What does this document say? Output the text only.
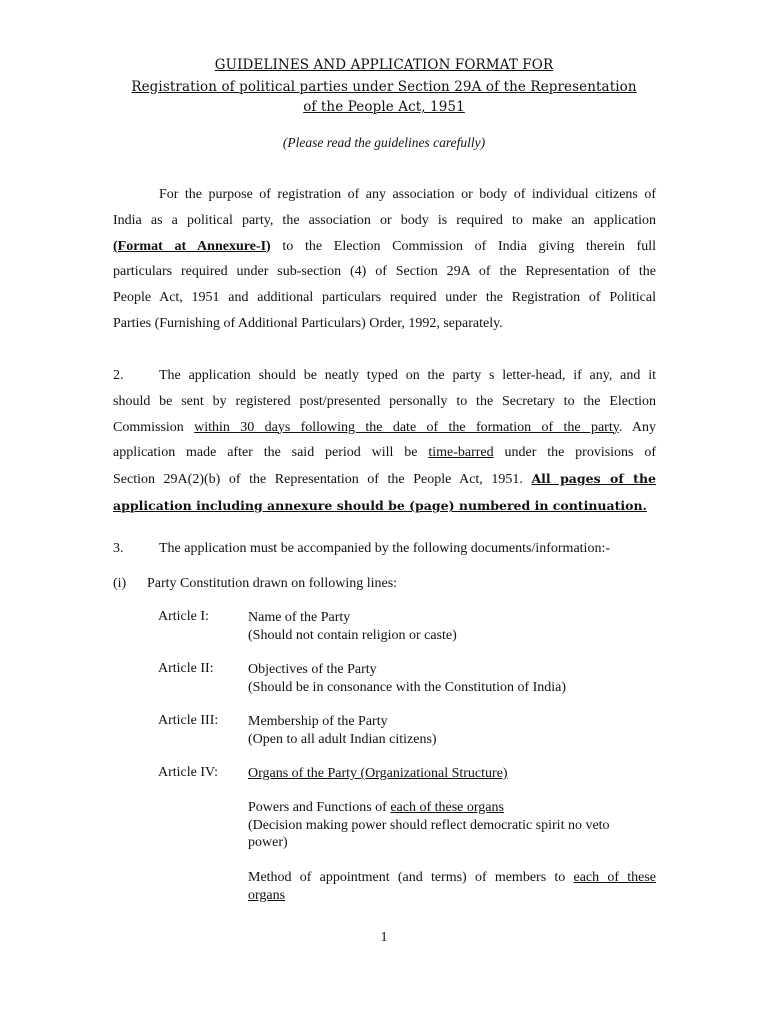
GUIDELINES AND APPLICATION FORMAT FOR
Registration of political parties under Section 29A of the Representation
of the People Act, 1951
(Please read the guidelines carefully)
For the purpose of registration of any association or body of individual citizens of
India as a political party, the association or body is required to make an application
(Format at Annexure-I) to the Election Commission of India giving therein full
particulars required under sub-section (4) of Section 29A of the Representation of the
People Act, 1951 and additional particulars required under the Registration of Political
Parties (Furnishing of Additional Particulars) Order, 1992, separately.
2.	The application should be neatly typed on the party s letter-head, if any, and it
should be sent by registered post/presented personally to the Secretary to the Election
Commission within 30 days following the date of the formation of the party. Any
application made after the said period will be time-barred under the provisions of
Section 29A(2)(b) of the Representation of the People Act, 1951. All pages of the
application including annexure should be (page) numbered in continuation.
3.	The application must be accompanied by the following documents/information:-
(i) Party Constitution drawn on following lines:
Article I:	Name of the Party
(Should not contain religion or caste)
Article II: Objectives of the Party
(Should be in consonance with the Constitution of India)
Article III: Membership of the Party
(Open to all adult Indian citizens)
Article IV: Organs of the Party (Organizational Structure)
Powers and Functions of each of these organs
(Decision making power should reflect democratic spirit no veto
power)
Method of appointment (and terms) of members to each of these
organs
1
